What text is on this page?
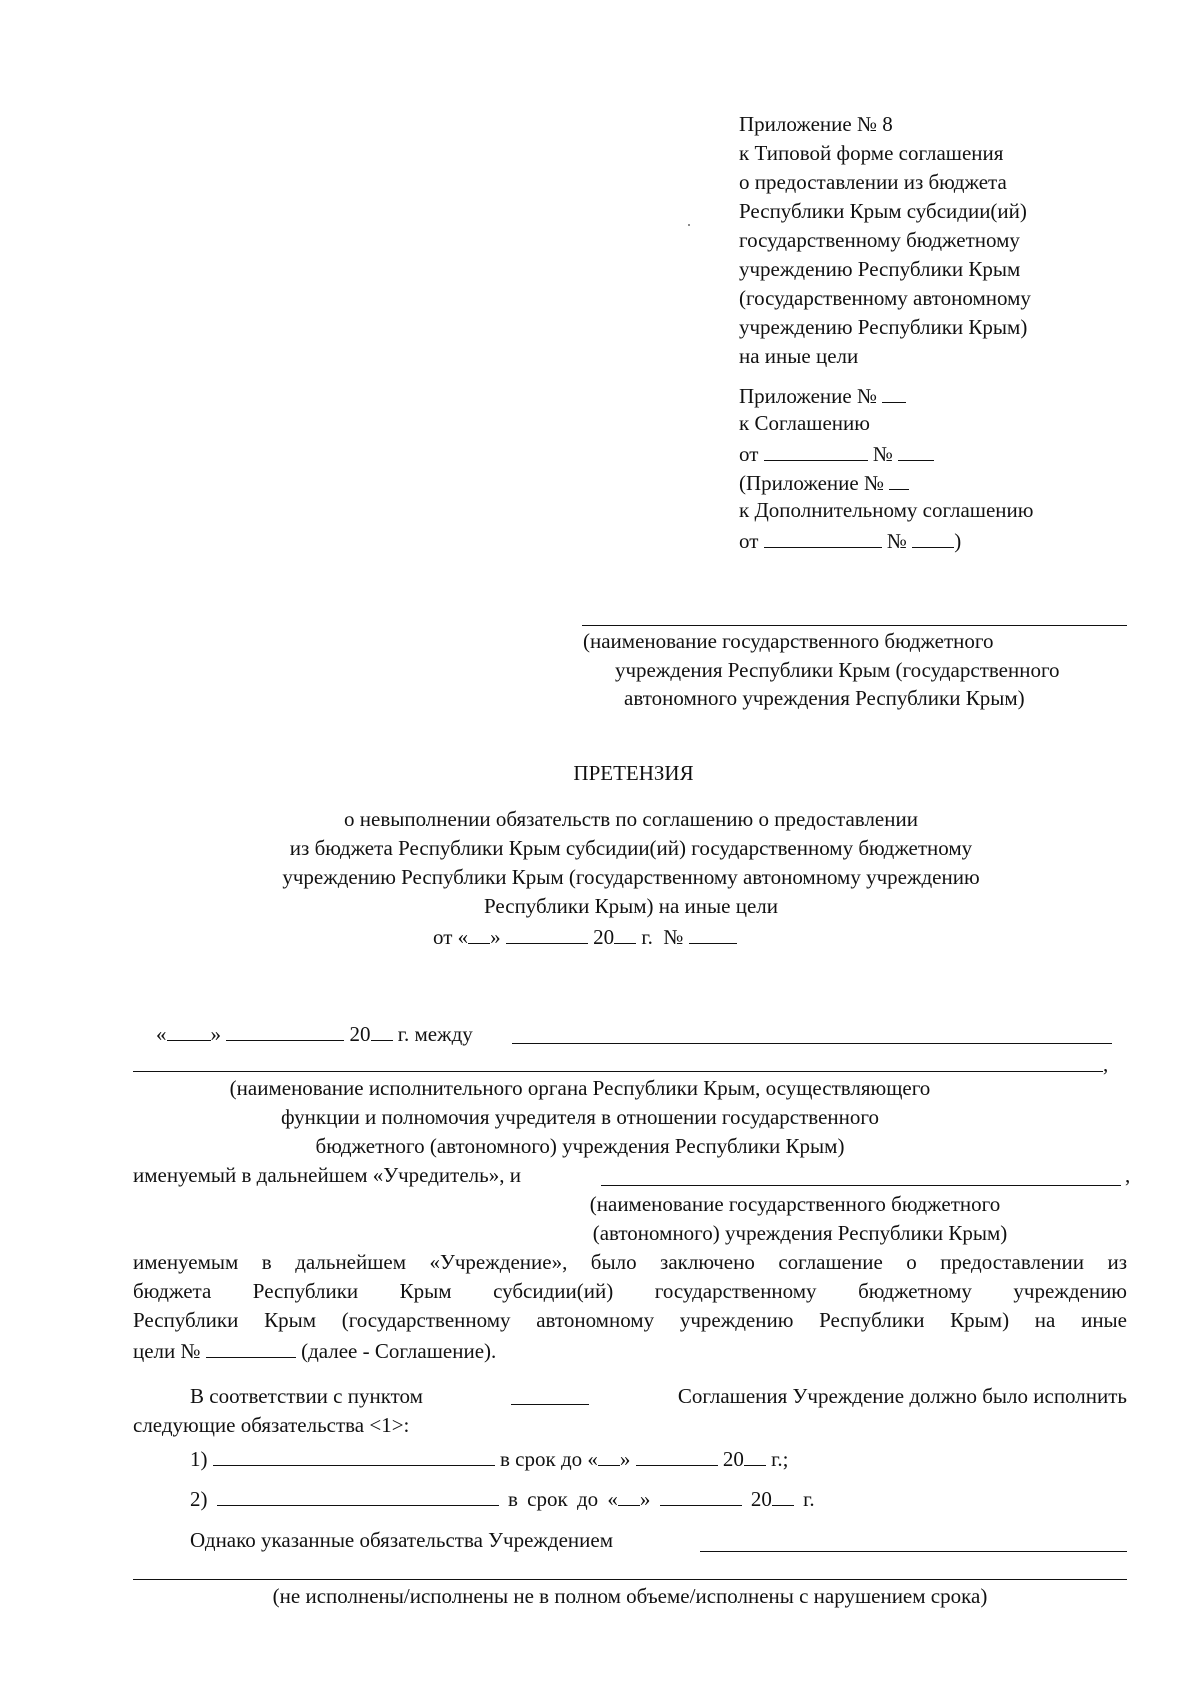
Приложение № 8
к Типовой форме соглашения
о предоставлении из бюджета
Республики Крым субсидии(ий)
государственному бюджетному
учреждению Республики Крым
(государственному автономному
учреждению Республики Крым)
на иные цели
Приложение №
к Соглашению
от	№
(Приложение №
к Дополнительному соглашению
от	№ )
(наименование государственного бюджетного
учреждения Республики Крым (государственного
автономного учреждения Республики Крым)
ПРЕТЕНЗИЯ
о невыполнении обязательств по соглашению о предоставлении
из бюджета Республики Крым субсидии(ий) государственному бюджетному
учреждению Республики Крым (государственному автономному учреждению
Республики Крым) на иные цели
от « »	20 г. №
« »	20 г. между
,
(наименование исполнительного органа Республики Крым, осуществляющего
функции и полномочия учредителя в отношении государственного
бюджетного (автономного) учреждения Республики Крым)
именуемый в дальнейшем «Учредитель», и	,
(наименование государственного бюджетного
(автономного) учреждения Республики Крым)
именуемым в дальнейшем «Учреждение», было заключено соглашение о предоставлении из
бюджета Республики Крым субсидии(ий) государственному бюджетному учреждению
Республики Крым (государственному автономному учреждению Республики Крым) на иные
цели №	(далее - Соглашение).
В соответствии с пунктом	Соглашения Учреждение должно было исполнить
следующие обязательства <1>:
1)	в срок до « »	20 г.;
2)	в срок до « »	20 г.
Однако указанные обязательства Учреждением
(не исполнены/исполнены не в полном объеме/исполнены с нарушением срока)
